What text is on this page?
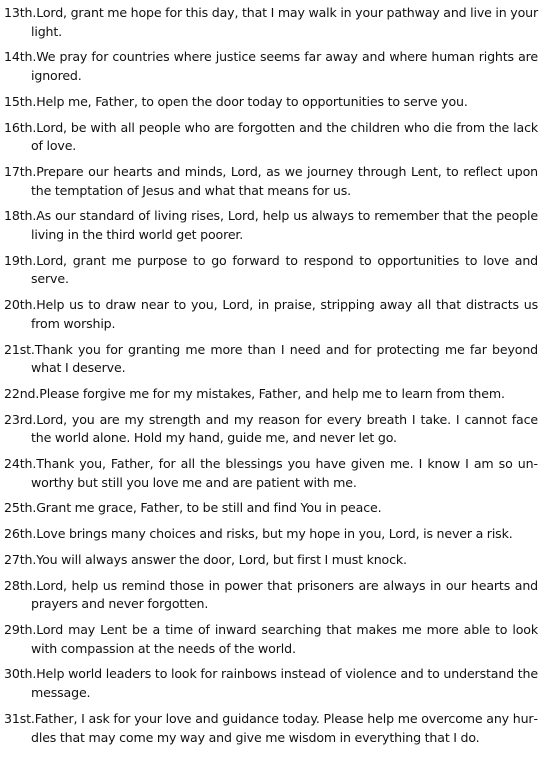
13th.Lord, grant me hope for this day, that I may walk in your pathway and live in your light.

14th.We pray for countries where justice seems far away and where human rights are ignored.

15th.Help me, Father, to open the door today to opportunities to serve you.

16th.Lord, be with all people who are forgotten and the children who die from the lack of love.

17th.Prepare our hearts and minds, Lord, as we journey through Lent, to reflect upon the temptation of Jesus and what that means for us.

18th.As our standard of living rises, Lord, help us always to remember that the people living in the third world get poorer.

19th.Lord, grant me purpose to go forward to respond to opportunities to love and serve.

20th.Help us to draw near to you, Lord, in praise, stripping away all that distracts us from worship.

21st.Thank you for granting me more than I need and for protecting me far beyond what I deserve.

22nd.Please forgive me for my mistakes, Father, and help me to learn from them.

23rd.Lord, you are my strength and my reason for every breath I take. I cannot face the world alone. Hold my hand, guide me, and never let go.

24th.Thank you, Father, for all the blessings you have given me. I know I am so unworthy but still you love me and are patient with me.

25th.Grant me grace, Father, to be still and find You in peace.

26th.Love brings many choices and risks, but my hope in you, Lord, is never a risk.

27th.You will always answer the door, Lord, but first I must knock.

28th.Lord, help us remind those in power that prisoners are always in our hearts and prayers and never forgotten.

29th.Lord may Lent be a time of inward searching that makes me more able to look with compassion at the needs of the world.

30th.Help world leaders to look for rainbows instead of violence and to understand the message.

31st.Father, I ask for your love and guidance today. Please help me overcome any hurdles that may come my way and give me wisdom in everything that I do.
